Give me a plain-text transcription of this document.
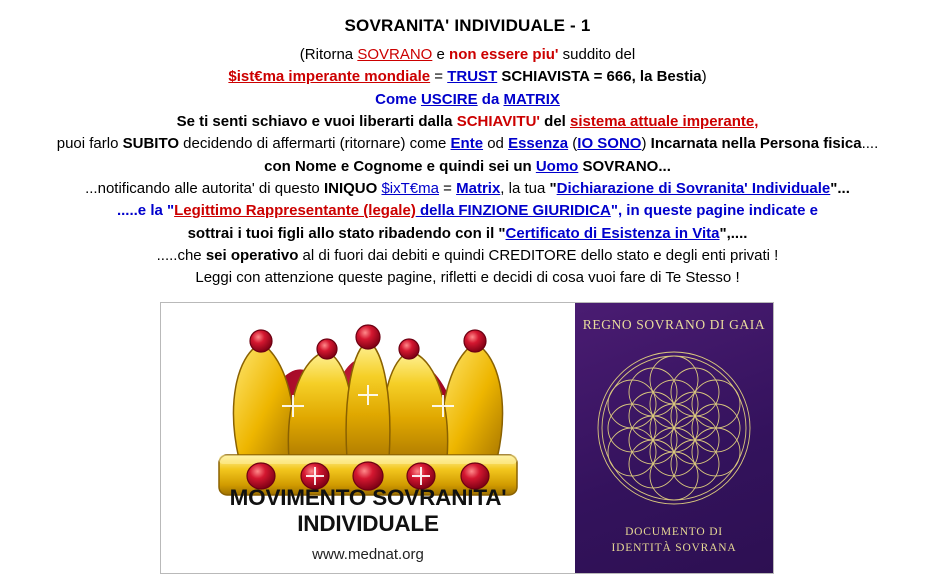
SOVRANITA' INDIVIDUALE - 1
(Ritorna SOVRANO e non essere piu' suddito del
$ist€ma imperante mondiale = TRUST SCHIAVISTA = 666, la Bestia)
Come USCIRE da MATRIX
Se ti senti schiavo e vuoi liberarti dalla SCHIAVITU' del sistema attuale imperante,
puoi farlo SUBITO decidendo di affermarti (ritornare) come Ente od Essenza (IO SONO) Incarnata nella Persona fisica....
con Nome e Cognome e quindi sei un Uomo SOVRANO...
...notificando alle autorita' di questo INIQUO $ixT€ma = Matrix, la tua "Dichiarazione di Sovranita' Individuale"...
.....e la "Legittimo Rappresentante (legale) della FINZIONE GIURIDICA", in queste pagine indicate e
sottrai i tuoi figli allo stato ribadendo con il "Certificato di Esistenza in Vita",....
.....che sei operativo al di fuori dai debiti e quindi CREDITORE dello stato e degli enti privati !
Leggi con attenzione queste pagine, rifletti e decidi di cosa vuoi fare di Te Stesso !
MOVIMENTO SOVRANITA' INDIVIDUALE
www.mednat.org
REGNO SOVRANO DI GAIA
DOCUMENTO DI
IDENTITÀ SOVRANA
